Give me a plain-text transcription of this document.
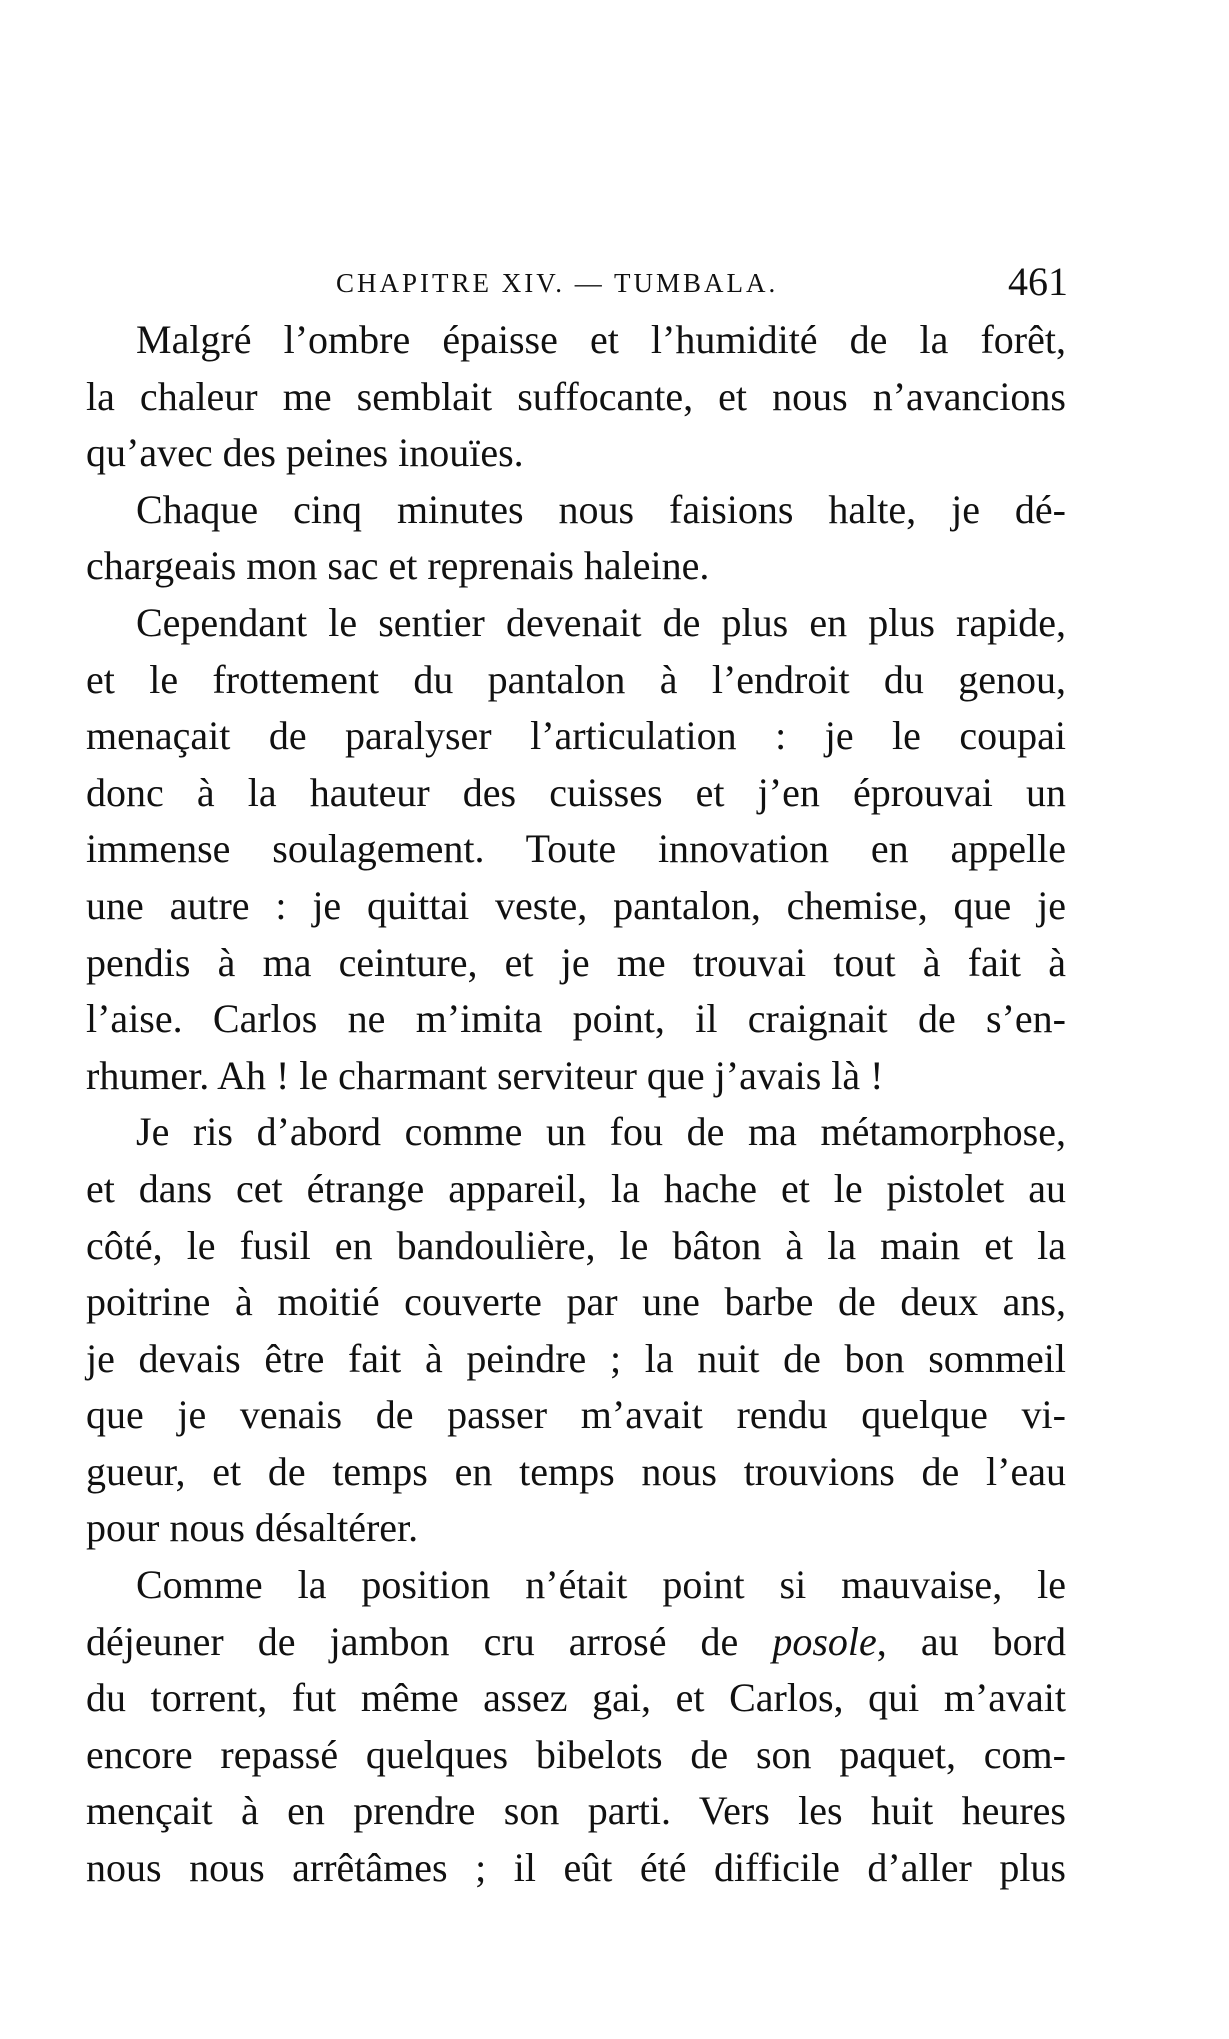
CHAPITRE XIV. — TUMBALA.	461
Malgré l’ombre épaisse et l’humidité de la forêt,
la chaleur me semblait suffocante, et nous n’avancions
qu’avec des peines inouïes.
Chaque cinq minutes nous faisions halte, je dé-
chargeais mon sac et reprenais haleine.
Cependant le sentier devenait de plus en plus rapide,
et le frottement du pantalon à l’endroit du genou,
menaçait de paralyser l’articulation : je le coupai
donc à la hauteur des cuisses et j’en éprouvai un
immense soulagement. Toute innovation en appelle
une autre : je quittai veste, pantalon, chemise, que je
pendis à ma ceinture, et je me trouvai tout à fait à
l’aise. Carlos ne m’imita point, il craignait de s’en-
rhumer. Ah ! le charmant serviteur que j’avais là !
Je ris d’abord comme un fou de ma métamorphose,
et dans cet étrange appareil, la hache et le pistolet au
côté, le fusil en bandoulière, le bâton à la main et la
poitrine à moitié couverte par une barbe de deux ans,
je devais être fait à peindre ; la nuit de bon sommeil
que je venais de passer m’avait rendu quelque vi-
gueur, et de temps en temps nous trouvions de l’eau
pour nous désaltérer.
Comme la position n’était point si mauvaise, le
déjeuner de jambon cru arrosé de posole, au bord
du torrent, fut même assez gai, et Carlos, qui m’avait
encore repassé quelques bibelots de son paquet, com-
mençait à en prendre son parti. Vers les huit heures
nous nous arrêtâmes ; il eût été difficile d’aller plus
